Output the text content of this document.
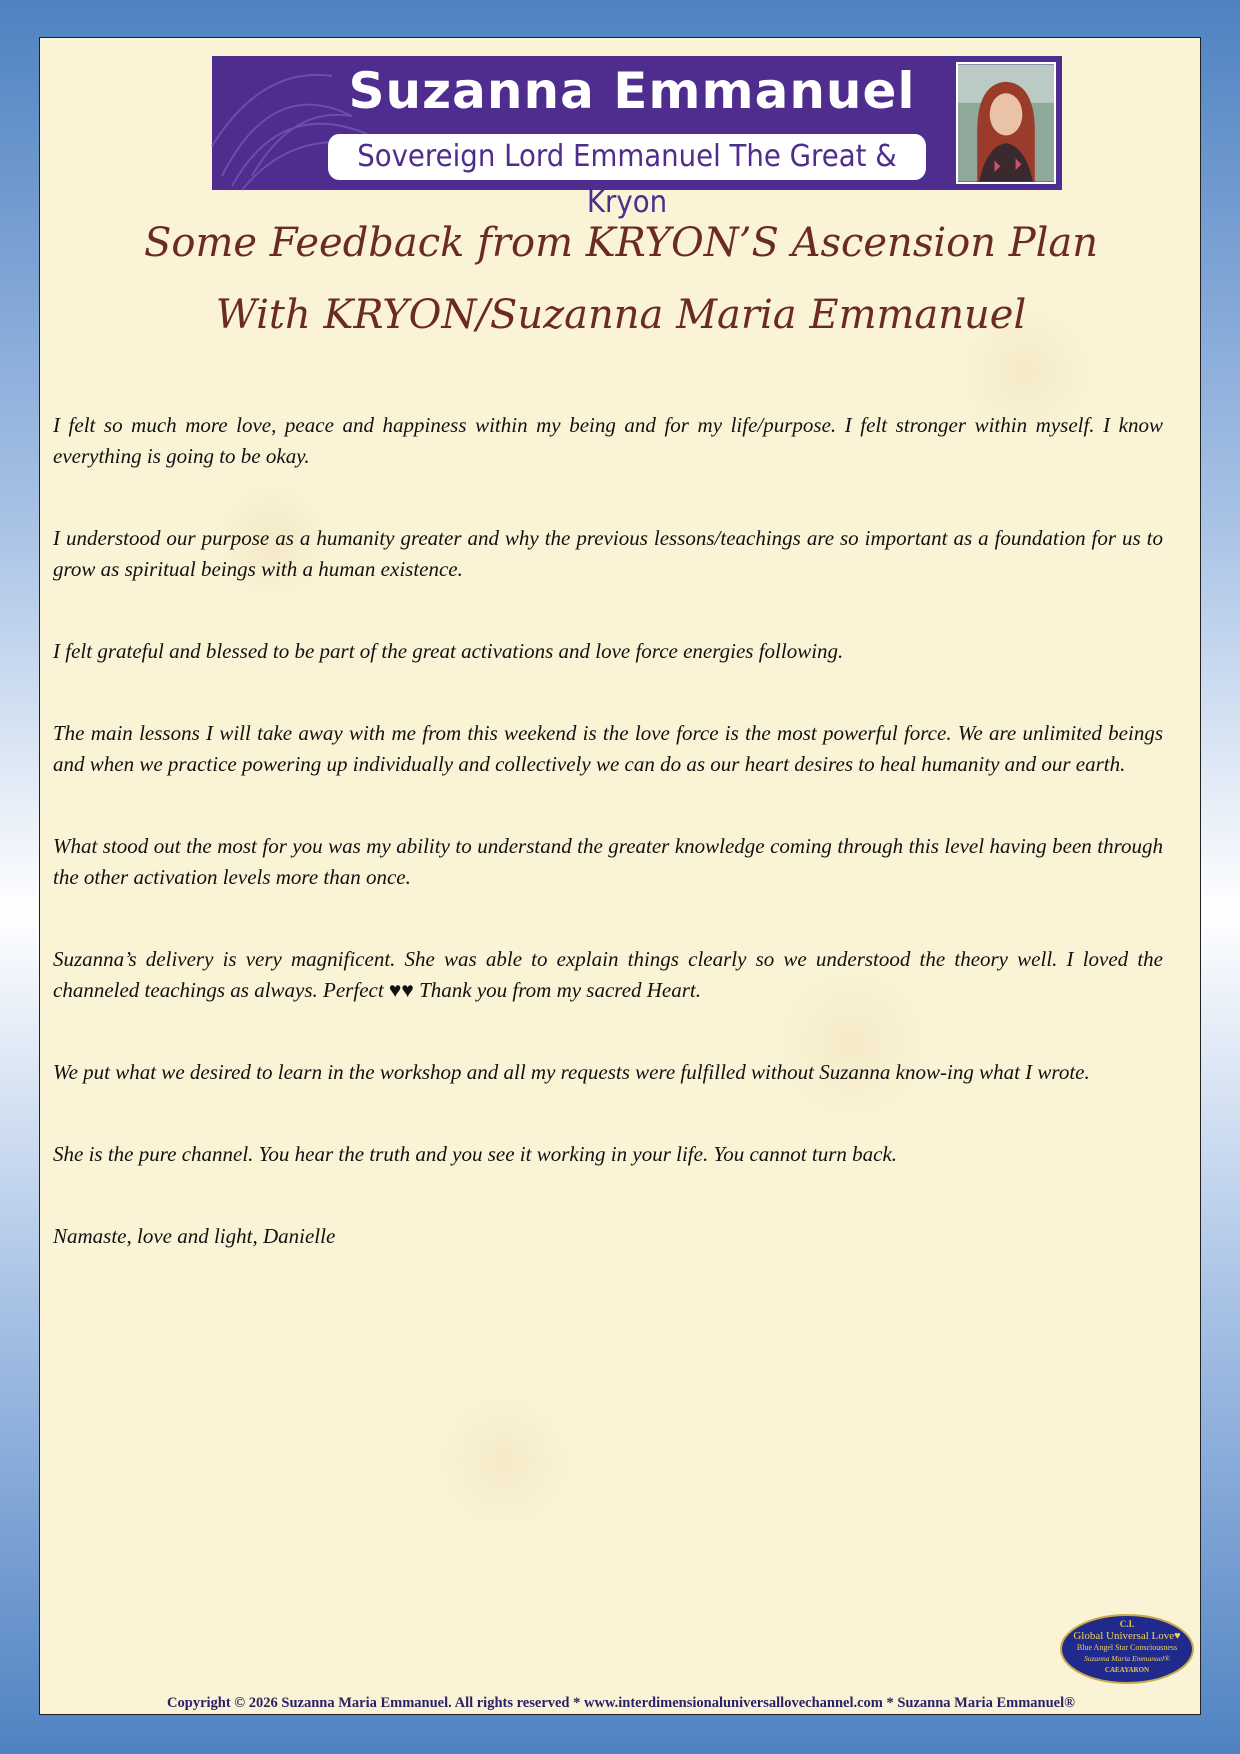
Suzanna Emmanuel
Sovereign Lord Emmanuel The Great & Kryon
Some Feedback from KRYON’S Ascension Plan
With KRYON/Suzanna Maria Emmanuel

I felt so much more love, peace and happiness within my being and for my life/purpose. I felt stronger within myself. I know everything is going to be okay.

I understood our purpose as a humanity greater and why the previous lessons/teachings are so important as a foundation for us to grow as spiritual beings with a human existence.

I felt grateful and blessed to be part of the great activations and love force energies following.

The main lessons I will take away with me from this weekend is the love force is the most powerful force. We are unlimited beings and when we practice powering up individually and collectively we can do as our heart desires to heal humanity and our earth.

What stood out the most for you was my ability to understand the greater knowledge coming through this level having been through the other activation levels more than once.

Suzanna’s delivery is very magnificent. She was able to explain things clearly so we understood the theory well. I loved the channeled teachings as always. Perfect ♥♥ Thank you from my sacred Heart.

We put what we desired to learn in the workshop and all my requests were fulfilled without Suzanna know-ing what I wrote.

She is the pure channel. You hear the truth and you see it working in your life. You cannot turn back.

Namaste, love and light, Danielle

C.I.
Global Universal Love♥
Blue Angel Star Consciousness
Suzanna Maria Emmanuel®
CAEAYARON
Copyright © 2026 Suzanna Maria Emmanuel. All rights reserved * www.interdimensionaluniversallovechannel.com * Suzanna Maria Emmanuel®
